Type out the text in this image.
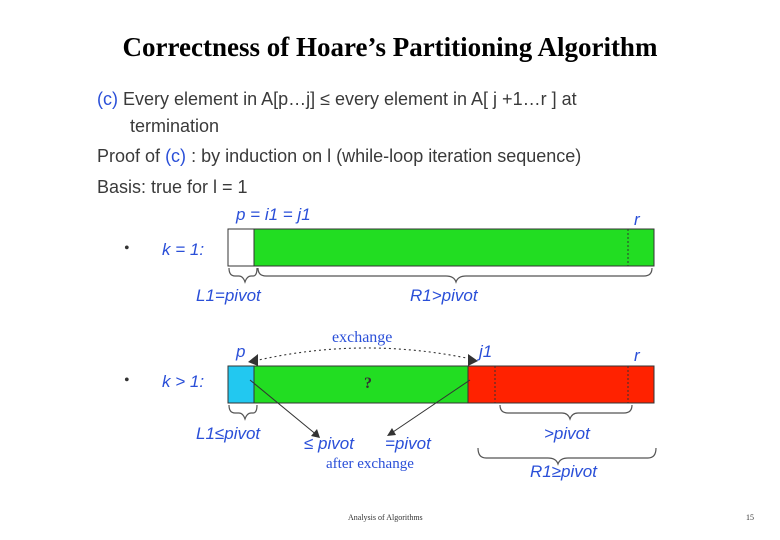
Correctness of Hoare’s Partitioning Algorithm
(c) Every element in A[p…j] ≤ every element in A[ j +1…r ] at
termination
Proof of (c) : by induction on l (while-loop iteration sequence)
Basis: true for l = 1
• k = 1:
p = i1 = j1	r
L1=pivot	R1>pivot
• k > 1:
p	j1	r
exchange
?
L1≤pivot
≤ pivot =pivot
after exchange
>pivot
R1≥pivot
Analysis of Algorithms	15
